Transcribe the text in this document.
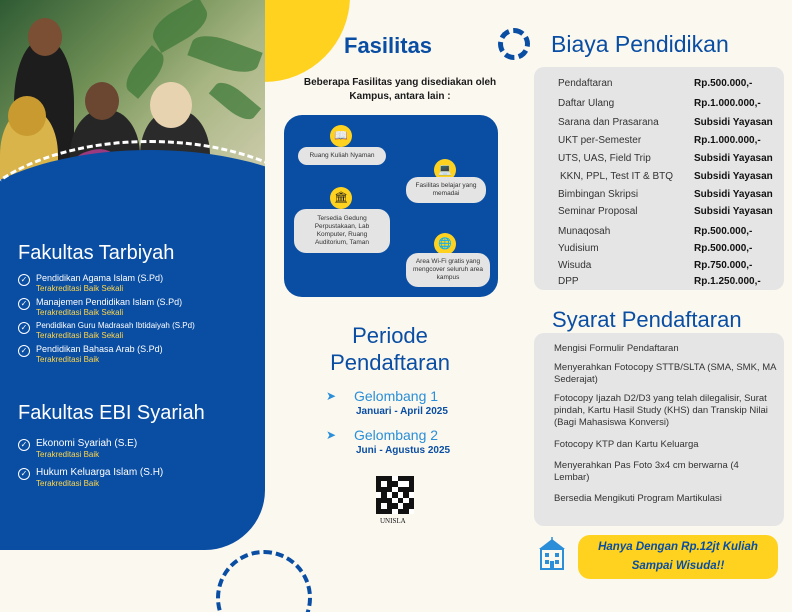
Fakultas Tarbiyah
✓ Pendidikan Agama Islam (S.Pd)
Terakreditasi Baik Sekali
✓ Manajemen Pendidikan Islam (S.Pd)
Terakreditasi Baik Sekali
✓	Pendidikan Guru Madrasah Ibtidaiyah (S.Pd)
Terakreditasi Baik Sekali
✓ Pendidikan Bahasa Arab (S.Pd)
Terakreditasi Baik
Fakultas EBI Syariah
✓ Ekonomi Syariah (S.E)
Terakreditasi Baik
✓ Hukum Keluarga Islam (S.H)
Terakreditasi Baik
Fasilitas
Beberapa Fasilitas yang disediakan oleh Kampus, antara lain :
📖
Ruang Kuliah Nyaman
💻
Fasilitas belajar yang memadai
🏛
Tersedia Gedung Perpustakaan, Lab Komputer, Ruang Auditorium, Taman	🌐
Area Wi-Fi gratis yang mengcover seluruh area kampus
Periode Pendaftaran
➤ Gelombang 1
Januari - April 2025
➤ Gelombang 2
Juni - Agustus 2025
UNISLA
Biaya Pendidikan
Pendaftaran	Rp.500.000,-
Daftar Ulang	Rp.1.000.000,-
Sarana dan Prasarana	Subsidi Yayasan
UKT per-Semester	Rp.1.000.000,-
UTS, UAS, Field Trip	Subsidi Yayasan
KKN, PPL, Test IT & BTQ Subsidi Yayasan
Bimbingan Skripsi	Subsidi Yayasan
Seminar Proposal	Subsidi Yayasan
Munaqosah	Rp.500.000,-
Yudisium	Rp.500.000,-
Wisuda	Rp.750.000,-
DPP	Rp.1.250.000,-
Syarat Pendaftaran
Mengisi Formulir Pendaftaran
Menyerahkan Fotocopy STTB/SLTA (SMA, SMK, MA Sederajat)
Fotocopy Ijazah D2/D3 yang telah dilegalisir, Surat pindah, Kartu Hasil Study (KHS) dan Transkip Nilai (Bagi Mahasiswa Konversi)
Fotocopy KTP dan Kartu Keluarga
Menyerahkan Pas Foto 3x4 cm berwarna (4 Lembar)
Bersedia Mengikuti Program Martikulasi
Hanya Dengan Rp.12jt Kuliah
Sampai Wisuda!!
